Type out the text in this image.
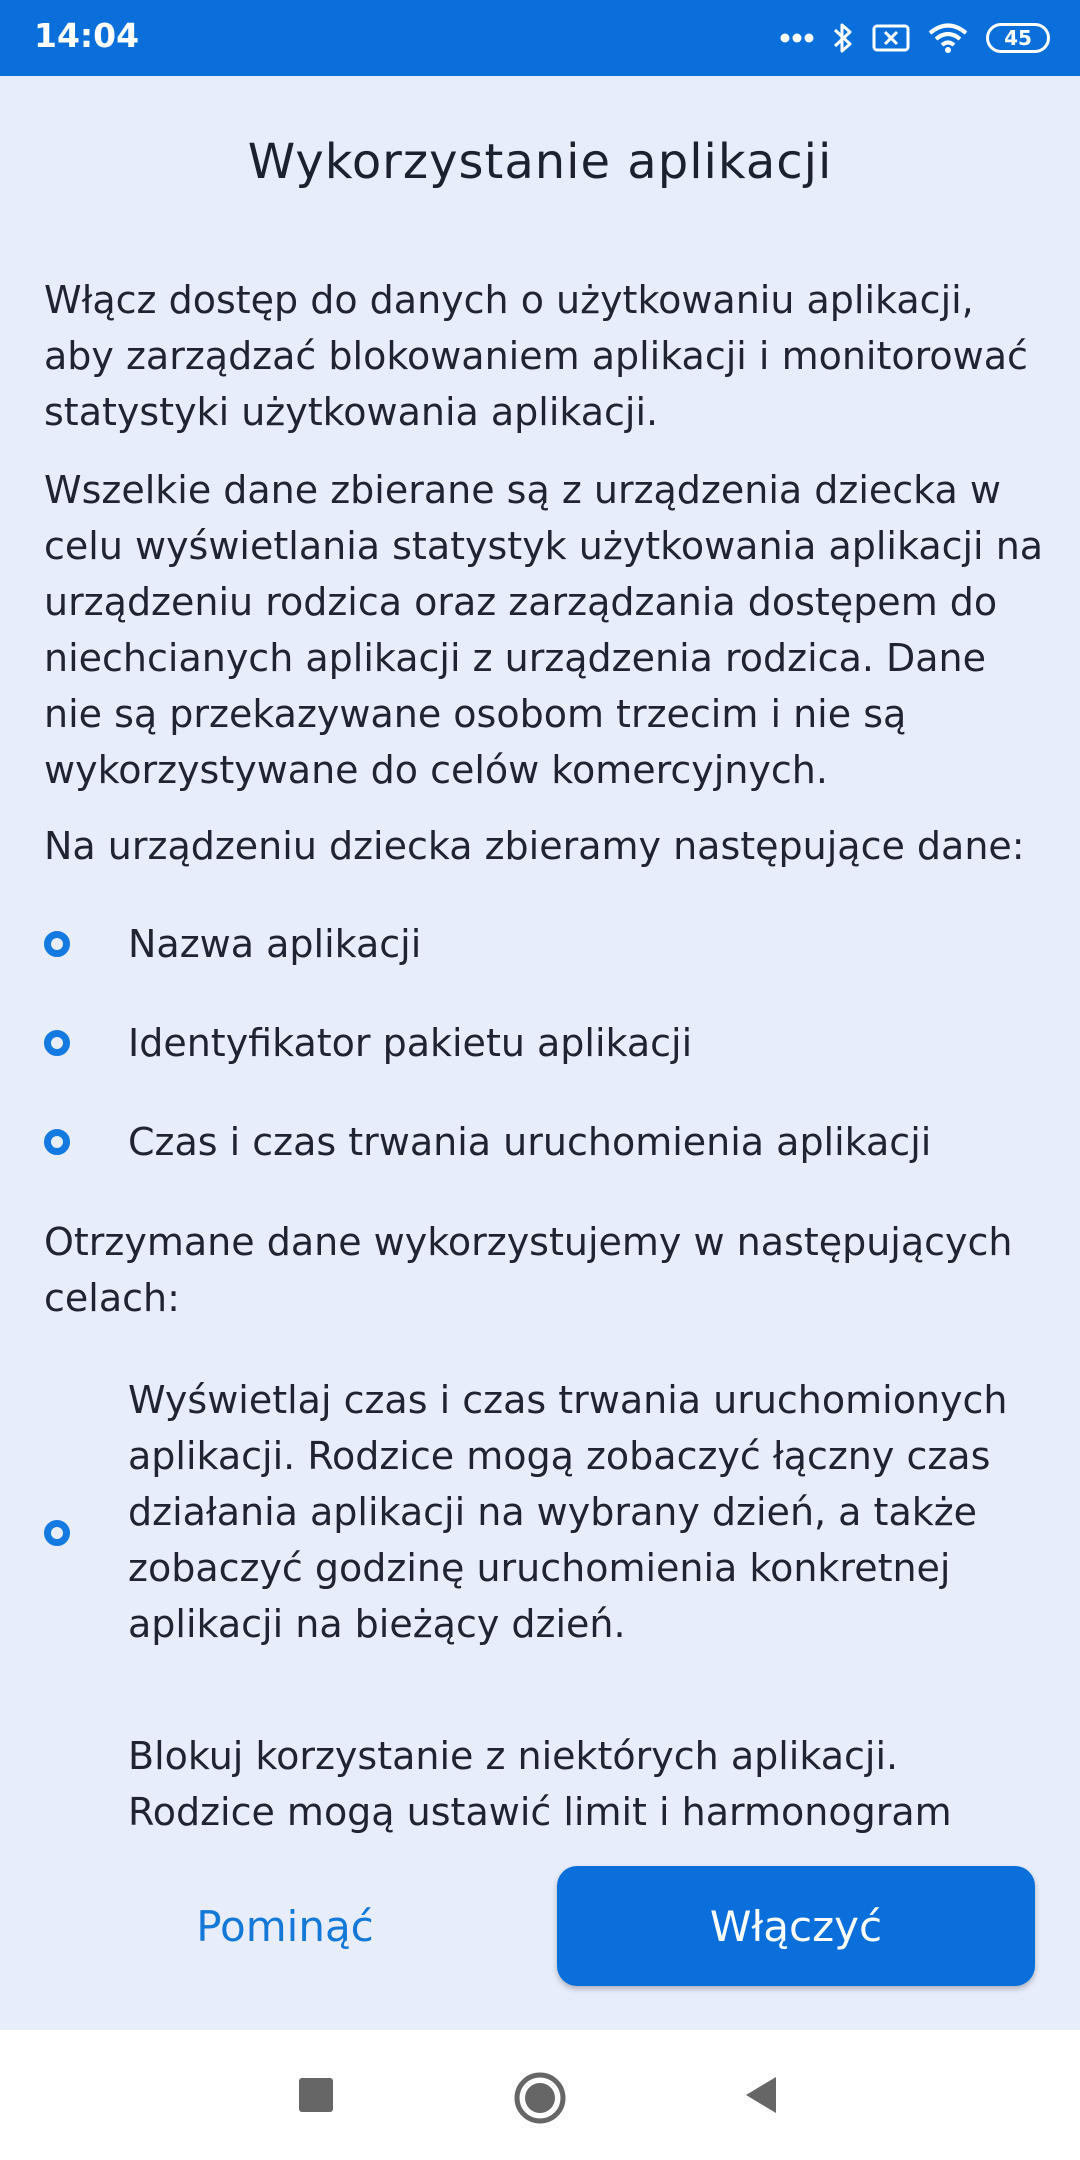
14:04	45
Wykorzystanie aplikacji

Włącz dostęp do danych o użytkowaniu aplikacji, aby zarządzać blokowaniem aplikacji i monitorować statystyki użytkowania aplikacji.

Wszelkie dane zbierane są z urządzenia dziecka w celu wyświetlania statystyk użytkowania aplikacji na urządzeniu rodzica oraz zarządzania dostępem do niechcianych aplikacji z urządzenia rodzica. Dane nie są przekazywane osobom trzecim i nie są wykorzystywane do celów komercyjnych.

Na urządzeniu dziecka zbieramy następujące dane:

Nazwa aplikacji
Identyfikator pakietu aplikacji
Czas i czas trwania uruchomienia aplikacji

Otrzymane dane wykorzystujemy w następujących celach:

Wyświetlaj czas i czas trwania uruchomionych aplikacji. Rodzice mogą zobaczyć łączny czas działania aplikacji na wybrany dzień, a także zobaczyć godzinę uruchomienia konkretnej aplikacji na bieżący dzień.
Blokuj korzystanie z niektórych aplikacji. Rodzice mogą ustawić limit i harmonogram
Pominąć	Włączyć
